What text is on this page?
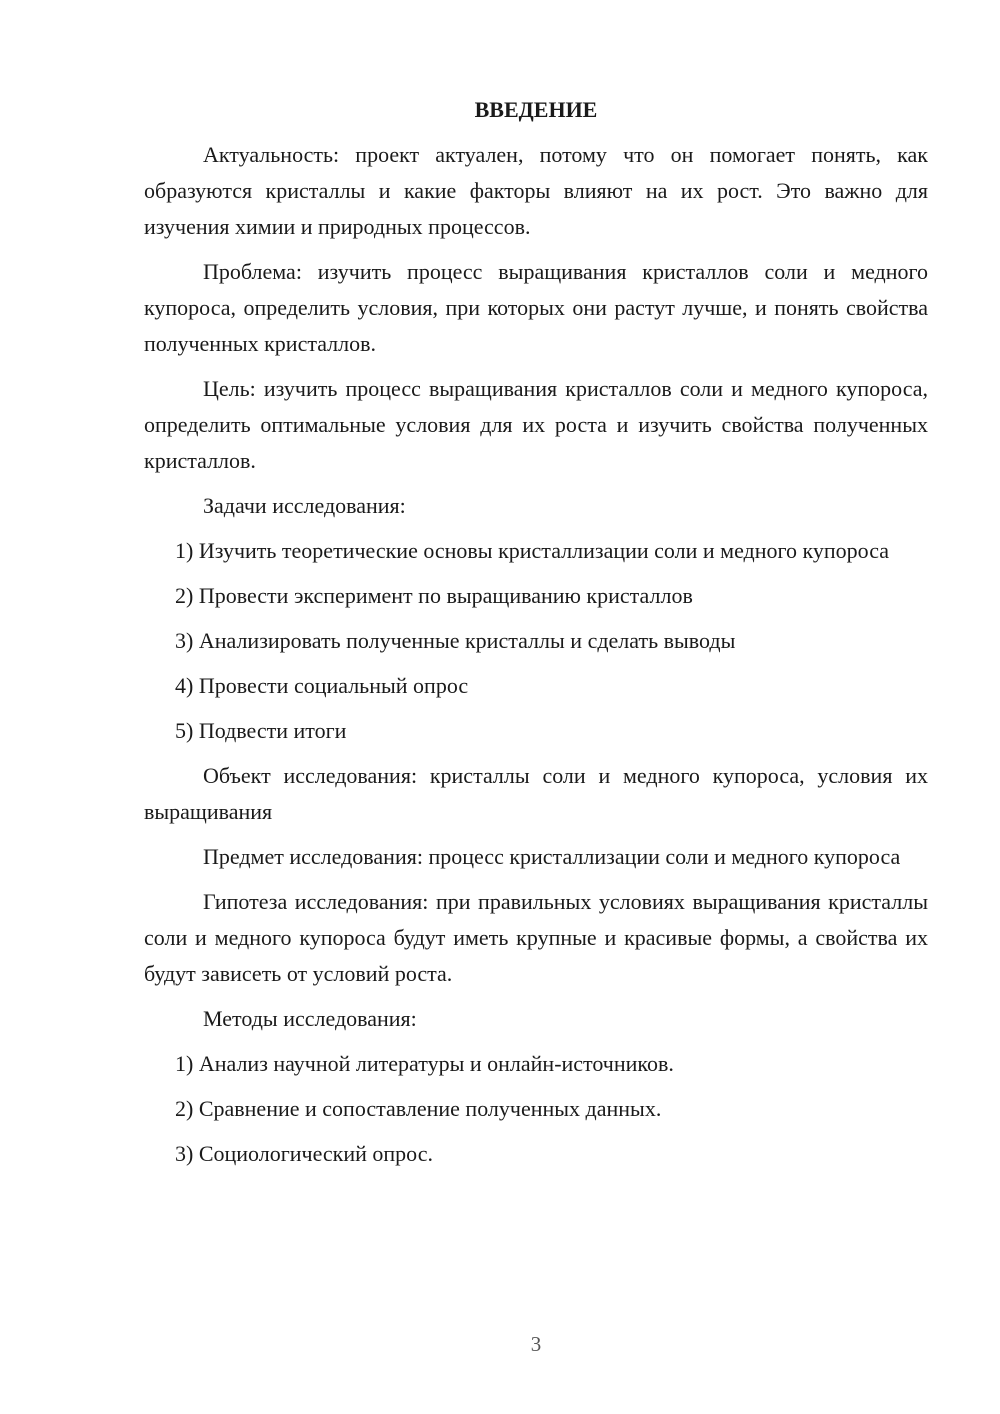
ВВЕДЕНИЕ

Актуальность: проект актуален, потому что он помогает понять, как образуются кристаллы и какие факторы влияют на их рост. Это важно для изучения химии и природных процессов.

Проблема: изучить процесс выращивания кристаллов соли и медного купороса, определить условия, при которых они растут лучше, и понять свойства полученных кристаллов.

Цель: изучить процесс выращивания кристаллов соли и медного купороса, определить оптимальные условия для их роста и изучить свойства полученных кристаллов.

Задачи исследования:

1) Изучить теоретические основы кристаллизации соли и медного купороса

2) Провести эксперимент по выращиванию кристаллов

3) Анализировать полученные кристаллы и сделать выводы

4) Провести социальный опрос

5) Подвести итоги

Объект исследования: кристаллы соли и медного купороса, условия их выращивания

Предмет исследования: процесс кристаллизации соли и медного купороса

Гипотеза исследования: при правильных условиях выращивания кристаллы соли и медного купороса будут иметь крупные и красивые формы, а свойства их будут зависеть от условий роста.

Методы исследования:

1) Анализ научной литературы и онлайн-источников.

2) Сравнение и сопоставление полученных данных.

3) Социологический опрос.

3
